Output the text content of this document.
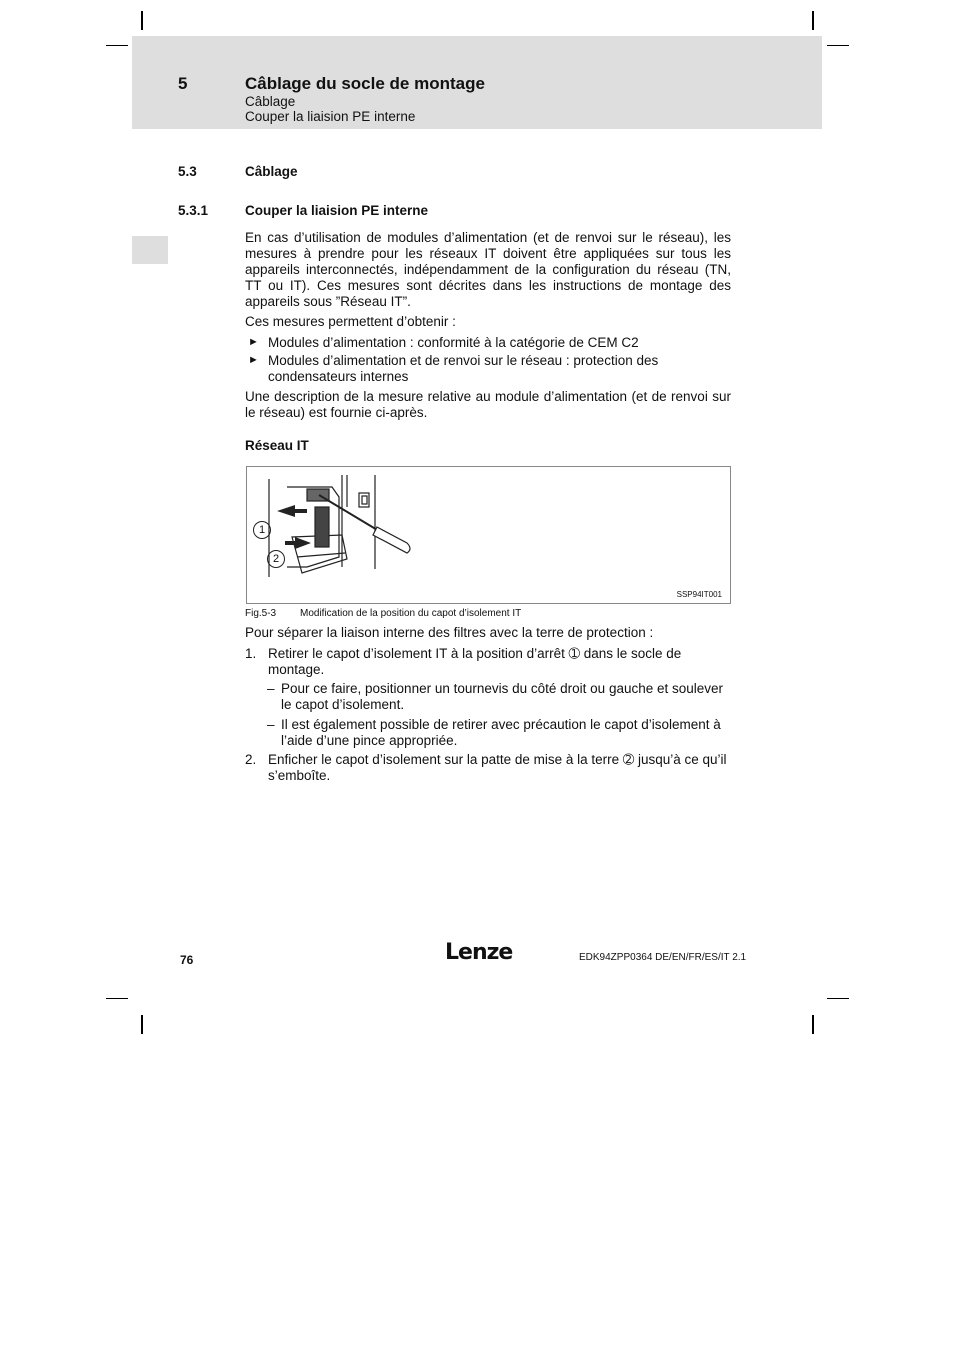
5	Câblage du socle de montage
Câblage
Couper la liaision PE interne
5.3	Câblage
5.3.1	Couper la liaision PE interne
En cas d’utilisation de modules d’alimentation (et de renvoi sur le réseau), les mesures à prendre pour les réseaux IT doivent être appliquées sur tous les appareils interconnectés, indépendamment de la configuration du réseau (TN, TT ou IT). Ces mesures sont décrites dans les instructions de montage des appareils sous ”Réseau IT”.
Ces mesures permettent d’obtenir :
► Modules d’alimentation : conformité à la catégorie de CEM C2
► Modules d’alimentation et de renvoi sur le réseau : protection des condensateurs internes
Une description de la mesure relative au module d’alimentation (et de renvoi sur le réseau) est fournie ci-après.
Réseau IT
1
2
SSP94IT001
Fig.5-3 Modification de la position du capot d’isolement IT
Pour séparer la liaison interne des filtres avec la terre de protection :
1. Retirer le capot d’isolement IT à la position d’arrêt ➀ dans le socle de montage.
– Pour ce faire, positionner un tournevis du côté droit ou gauche et soulever le capot d’isolement.
– Il est également possible de retirer avec précaution le capot d’isolement à l’aide d’une pince appropriée.
2. Enficher le capot d’isolement sur la patte de mise à la terre ➁ jusqu’à ce qu’il s’emboîte.
76	Lenze	EDK94ZPP0364 DE/EN/FR/ES/IT 2.1
